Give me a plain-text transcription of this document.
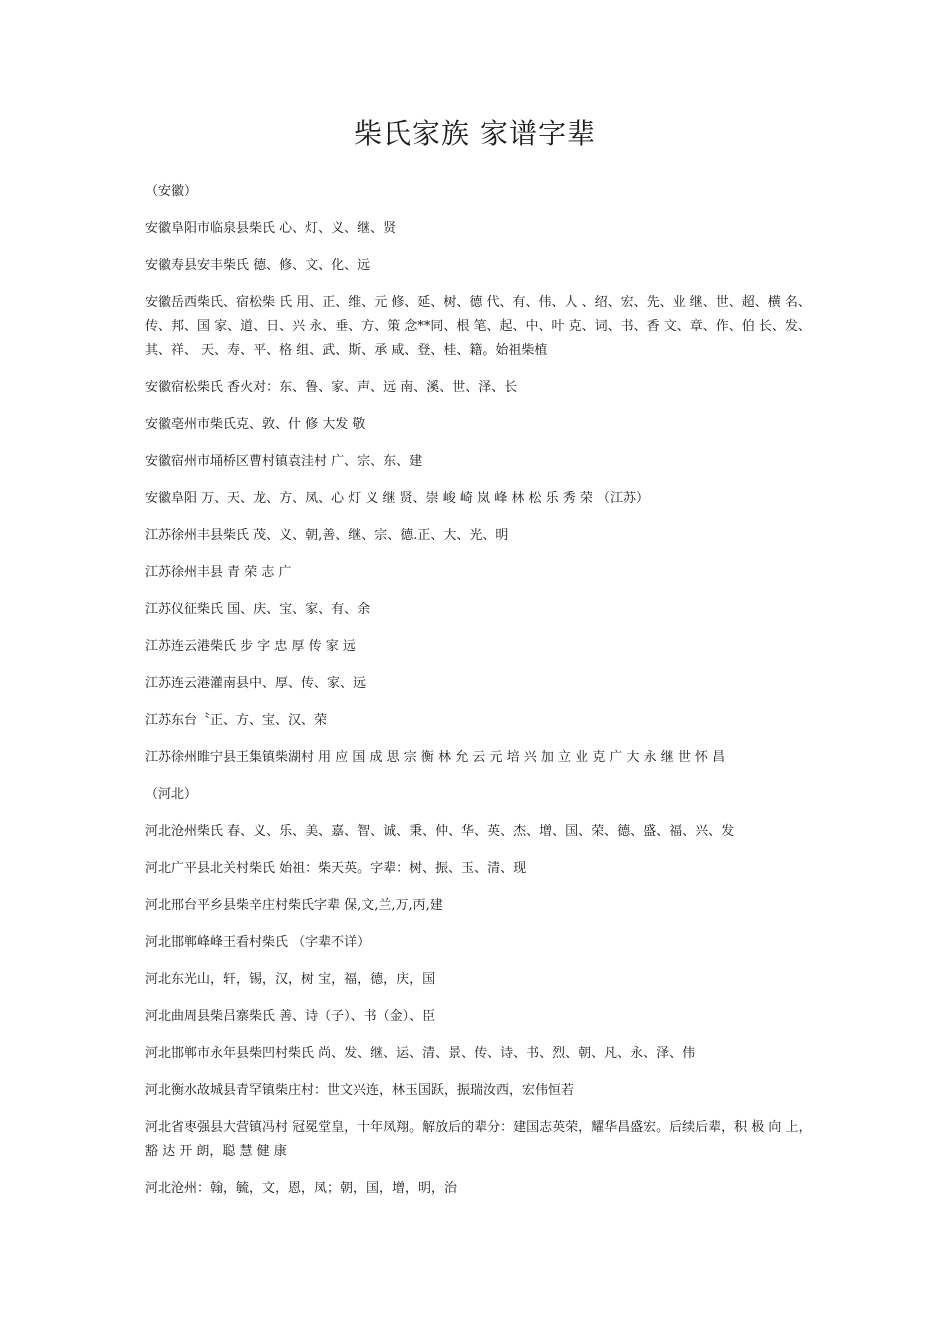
柴氏家族 家谱字辈

（安徽）

安徽阜阳市临泉县柴氏 心、灯、义、继、贤

安徽寿县安丰柴氏 德、修、文、化、远

安徽岳西柴氏、宿松柴 氏 用、正、维、元 修、延、树、德 代、有、伟、人 、绍、宏、先、业 继、世、超、横 名、传、邦、国 家、道、日、兴 永、垂、方、策 念**同、根 笔、起、中、叶 克、词、书、香 文、章、作、伯 长、发、其、祥、 天、寿、平、格 组、武、斯、承 咸、登、桂、籍。始祖柴植

安徽宿松柴氏 香火对：东、鲁、家、声、远 南、溪、世、泽、长

安徽亳州市柴氏克、敦、什 修 大发 敬

安徽宿州市埇桥区曹村镇袁洼村 广、宗、东、建

安徽阜阳 万、天、龙、方、凤、心 灯 义 继 贤、崇 峻 崎 岚 峰 林 松 乐 秀 荣 （江苏）

江苏徐州丰县柴氏 茂、义、朝,善、继、宗、德.正、大、光、明

江苏徐州丰县 青 荣 志 广

江苏仪征柴氏 国、庆、宝、家、有、余

江苏连云港柴氏 步 字 忠 厚 传 家 远

江苏连云港灌南县中、厚、传、家、远

江苏东台〝正、方、宝、汉、荣

江苏徐州睢宁县王集镇柴湖村 用 应 国 成 思 宗 衡 林 允 云 元 培 兴 加 立 业 克 广 大 永 继 世 怀 昌

（河北）

河北沧州柴氏 春、义、乐、美、嘉、智、诚、秉、仲、华、英、杰、增、国、荣、德、盛、福、兴、发

河北广平县北关村柴氏 始祖：柴天英。字辈：树、振、玉、清、现

河北邢台平乡县柴辛庄村柴氏字辈 保,文,兰,万,丙,建

河北邯郸峰峰王看村柴氏 （字辈不详）

河北东光山，轩，锡，汉，树 宝，福，德，庆，国

河北曲周县柴吕寨柴氏 善、诗（子）、书（金）、臣

河北邯郸市永年县柴凹村柴氏 尚、发、继、运、清、景、传、诗、书、烈、朝、凡、永、泽、伟

河北衡水故城县青罕镇柴庄村：世文兴连，林玉国跃，振瑞汝西，宏伟恒若

河北省枣强县大营镇冯村 冠冕堂皇，十年凤翔。解放后的辈分：建国志英荣，耀华昌盛宏。后续后辈，积 极 向 上，豁 达 开 朗，聪 慧 健 康

河北沧州：翰，毓，文，恩，凤；朝，国，增，明，治
